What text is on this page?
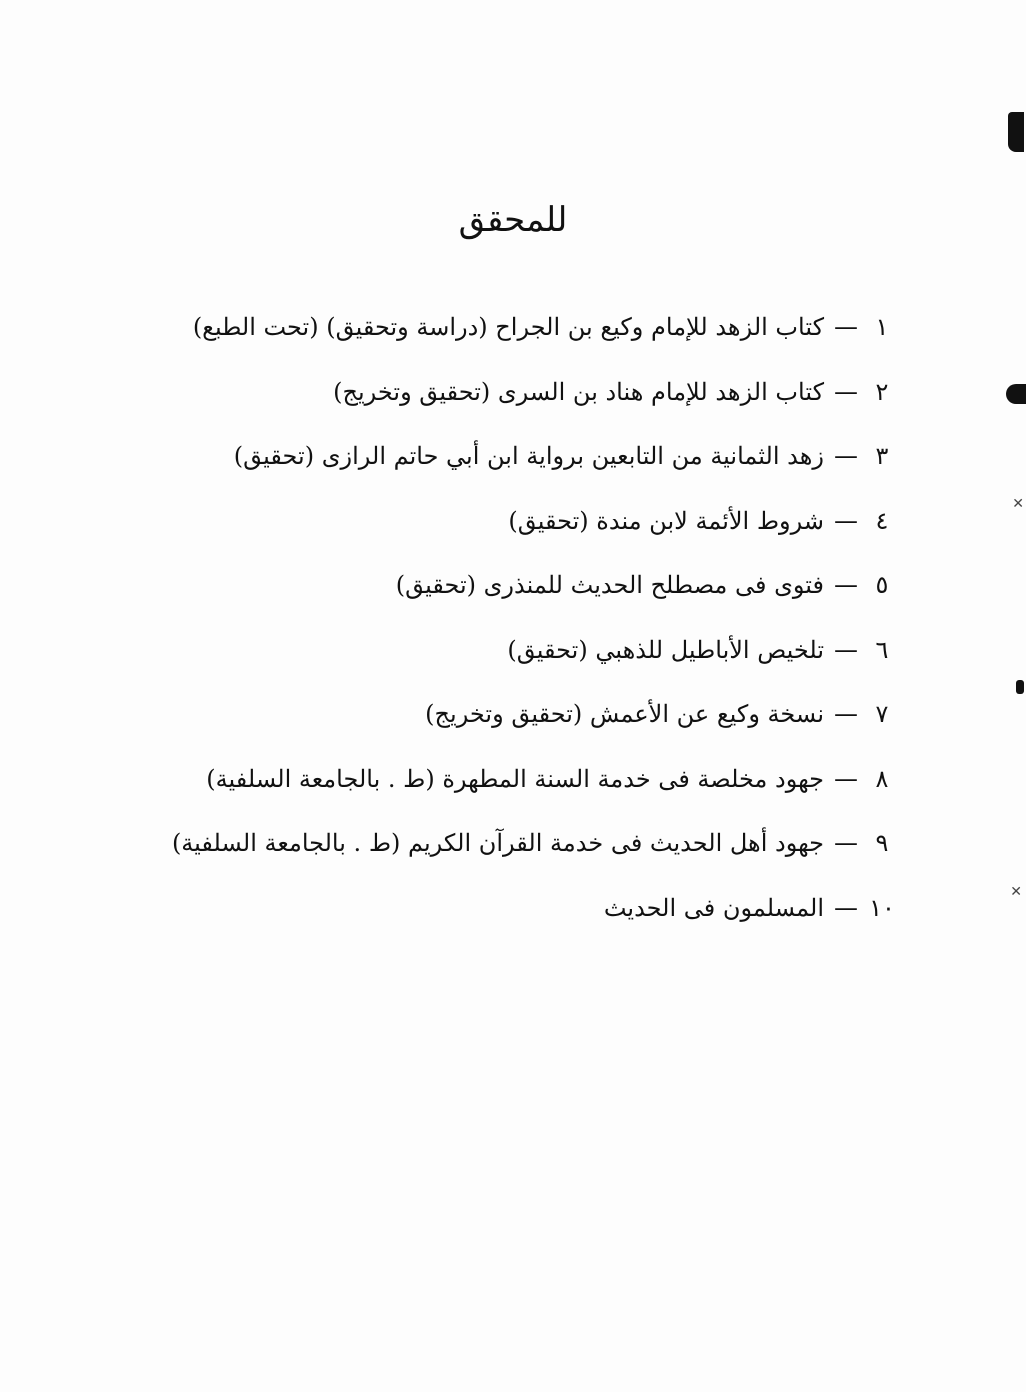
للمحقق
١
—
كتاب الزهد للإمام وكيع بن الجراح (دراسة وتحقيق) (تحت الطبع)
٢
—
كتاب الزهد للإمام هناد بن السرى (تحقيق وتخريج)
٣
—
زهد الثمانية من التابعين برواية ابن أبي حاتم الرازى (تحقيق)
٤
—
شروط الأئمة لابن مندة (تحقيق)
٥
—
فتوى فى مصطلح الحديث للمنذرى (تحقيق)
٦
—
تلخيص الأباطيل للذهبي (تحقيق)
٧
—
نسخة وكيع عن الأعمش (تحقيق وتخريج)
٨
—
جهود مخلصة فى خدمة السنة المطهرة (ط . بالجامعة السلفية)
٩
—
جهود أهل الحديث فى خدمة القرآن الكريم (ط . بالجامعة السلفية)
١٠
—
المسلمون فى الحديث
✕
✕
